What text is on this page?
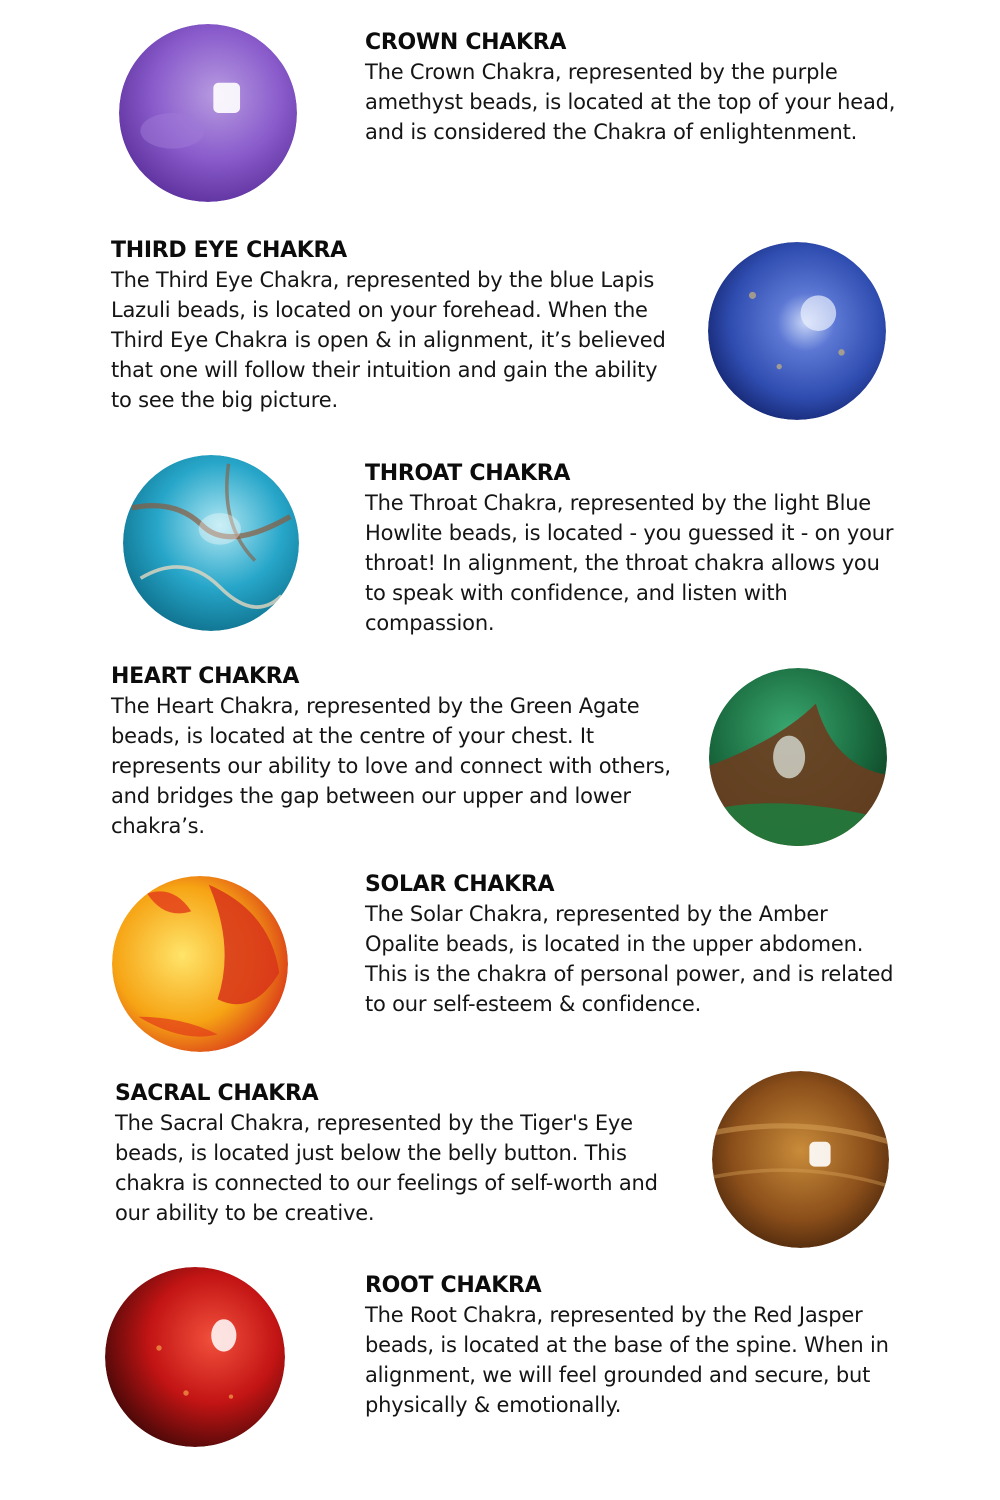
CROWN CHAKRA
The Crown Chakra, represented by the purple amethyst beads, is located at the top of your head, and is considered the Chakra of enlightenment.
THIRD EYE CHAKRA
The Third Eye Chakra, represented by the blue Lapis Lazuli beads, is located on your forehead. When the Third Eye Chakra is open & in alignment, it’s believed that one will follow their intuition and gain the ability to see the big picture.
THROAT CHAKRA
The Throat Chakra, represented by the light Blue Howlite beads, is located - you guessed it - on your throat! In alignment, the throat chakra allows you to speak with confidence, and listen with compassion.
HEART CHAKRA
The Heart Chakra, represented by the Green Agate beads, is located at the centre of your chest. It represents our ability to love and connect with others, and bridges the gap between our upper and lower chakra’s.
SOLAR CHAKRA
The Solar Chakra, represented by the Amber Opalite beads, is located in the upper abdomen. This is the chakra of personal power, and is related to our self-esteem & confidence.
SACRAL CHAKRA
The Sacral Chakra, represented by the Tiger's Eye beads, is located just below the belly button. This chakra is connected to our feelings of self-worth and our ability to be creative.
ROOT CHAKRA
The Root Chakra, represented by the Red Jasper beads, is located at the base of the spine. When in alignment, we will feel grounded and secure, but physically & emotionally.
